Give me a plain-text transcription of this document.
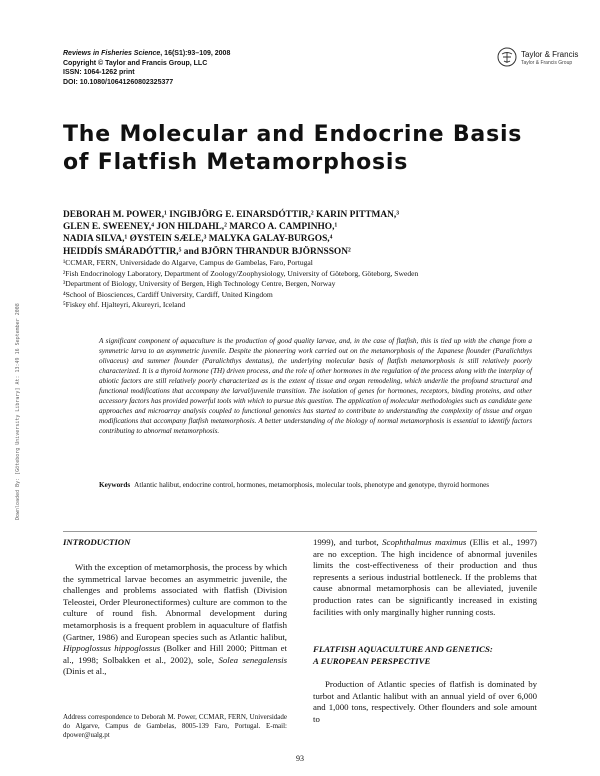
Reviews in Fisheries Science, 16(S1):93–109, 2008
Copyright © Taylor and Francis Group, LLC
ISSN: 1064-1262 print
DOI: 10.1080/10641260802325377
Taylor & Francis
Taylor & Francis Group
The Molecular and Endocrine Basis
of Flatfish Metamorphosis
DEBORAH M. POWER,¹ INGIBJÖRG E. EINARSDÓTTIR,² KARIN PITTMAN,³
GLEN E. SWEENEY,⁴ JON HILDAHL,² MARCO A. CAMPINHO,¹
NADIA SILVA,¹ ØYSTEIN SÆLE,³ MALYKA GALAY-BURGOS,⁴
HEIDDÍS SMÁRADÓTTIR,⁵ and BJÖRN THRANDUR BJÖRNSSON²
¹CCMAR, FERN, Universidade do Algarve, Campus de Gambelas, Faro, Portugal
²Fish Endocrinology Laboratory, Department of Zoology/Zoophysiology, University of Göteborg, Göteborg, Sweden
³Department of Biology, University of Bergen, High Technology Centre, Bergen, Norway
⁴School of Biosciences, Cardiff University, Cardiff, United Kingdom
⁵Fiskey ehf. Hjalteyri, Akureyri, Iceland
A significant component of aquaculture is the production of good quality larvae, and, in the case of flatfish, this is tied up with the change from a symmetric larva to an asymmetric juvenile. Despite the pioneering work carried out on the metamorphosis of the Japanese flounder (Paralichthys olivaceus) and summer flounder (Paralichthys dentatus), the underlying molecular basis of flatfish metamorphosis is still relatively poorly characterized. It is a thyroid hormone (TH) driven process, and the role of other hormones in the regulation of the process along with the interplay of abiotic factors are still relatively poorly characterized as is the extent of tissue and organ remodeling, which underlie the profound structural and functional modifications that accompany the larval/juvenile transition. The isolation of genes for hormones, receptors, binding proteins, and other accessory factors has provided powerful tools with which to pursue this question. The application of molecular methodologies such as candidate gene approaches and microarray analysis coupled to functional genomics has started to contribute to understanding the complexity of tissue and organ modifications that accompany flatfish metamorphosis. A better understanding of the biology of normal metamorphosis is essential to identify factors contributing to abnormal metamorphosis.
Keywords Atlantic halibut, endocrine control, hormones, metamorphosis, molecular tools, phenotype and genotype, thyroid hormones
Downloaded By: [Göteborg University Library] At: 13:49 16 September 2008
INTRODUCTION

With the exception of metamorphosis, the process by which the symmetrical larvae becomes an asymmetric juvenile, the challenges and problems associated with flatfish (Division Teleostei, Order Pleuronectiformes) culture are common to the culture of round fish. Abnormal development during metamorphosis is a frequent problem in aquaculture of flatfish (Gartner, 1986) and European species such as Atlantic halibut, Hippoglossus hippoglossus (Bolker and Hill 2000; Pittman et al., 1998; Solbakken et al., 2002), sole, Solea senegalensis (Dinis et al.,

Address correspondence to Deborah M. Power, CCMAR, FERN, Universidade do Algarve, Campus de Gambelas, 8005-139 Faro, Portugal. E-mail: dpower@ualg.pt

1999), and turbot, Scophthalmus maximus (Ellis et al., 1997) are no exception. The high incidence of abnormal juveniles limits the cost-effectiveness of their production and thus represents a serious industrial bottleneck. If the problems that cause abnormal metamorphosis can be alleviated, juvenile production rates can be significantly increased in existing facilities with only marginally higher running costs.

FLATFISH AQUACULTURE AND GENETICS:
A EUROPEAN PERSPECTIVE

Production of Atlantic species of flatfish is dominated by turbot and Atlantic halibut with an annual yield of over 6,000 and 1,000 tons, respectively. Other flounders and sole amount to

93
